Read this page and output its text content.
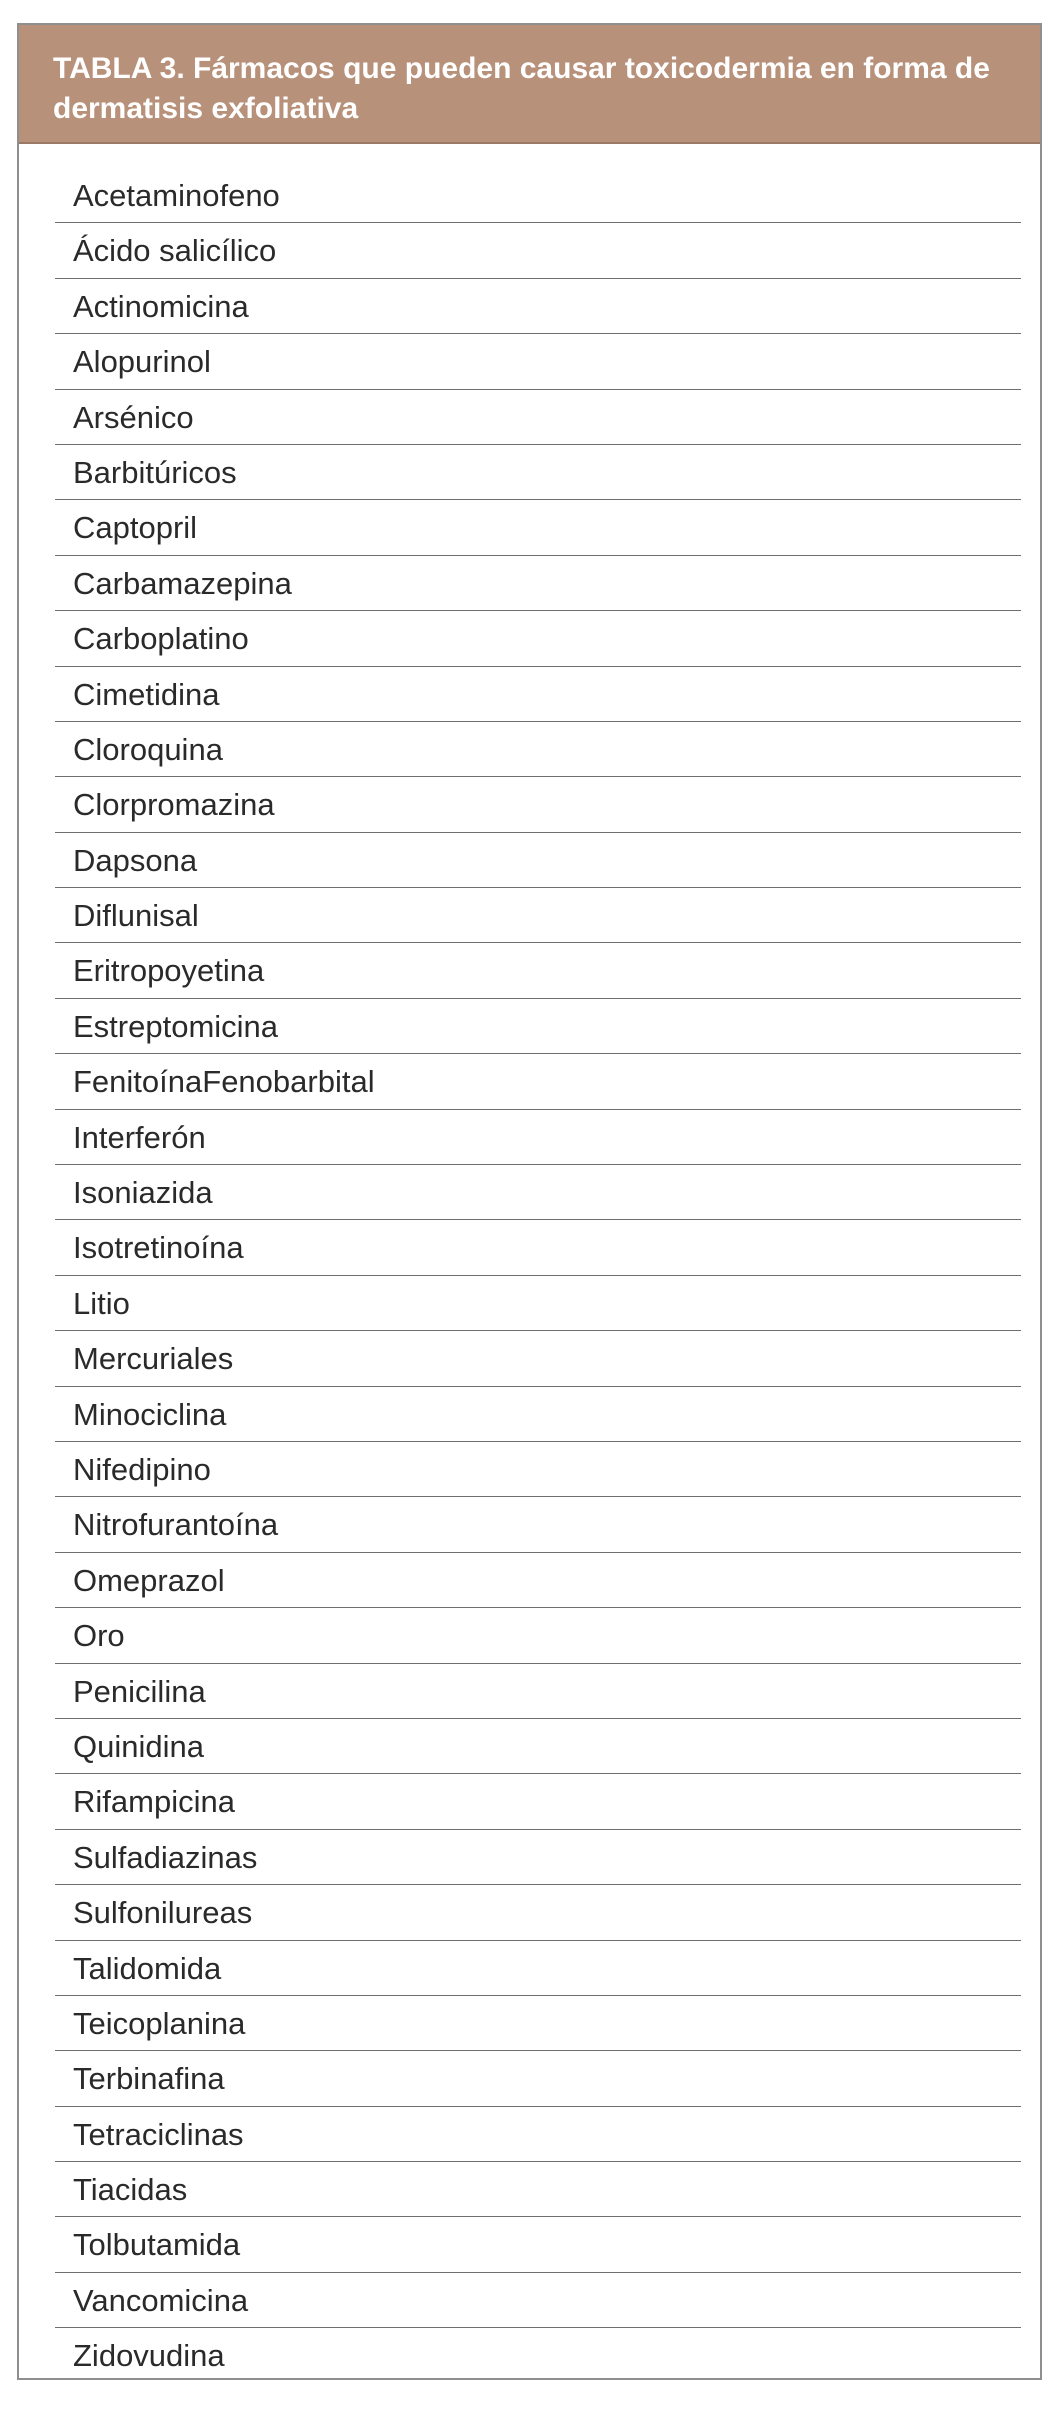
TABLA 3. Fármacos que pueden causar toxicodermia en forma de dermatisis exfoliativa
Acetaminofeno
Ácido salicílico
Actinomicina
Alopurinol
Arsénico
Barbitúricos
Captopril
Carbamazepina
Carboplatino
Cimetidina
Cloroquina
Clorpromazina
Dapsona
Diflunisal
Eritropoyetina
Estreptomicina
FenitoínaFenobarbital
Interferón
Isoniazida
Isotretinoína
Litio
Mercuriales
Minociclina
Nifedipino
Nitrofurantoína
Omeprazol
Oro
Penicilina
Quinidina
Rifampicina
Sulfadiazinas
Sulfonilureas
Talidomida
Teicoplanina
Terbinafina
Tetraciclinas
Tiacidas
Tolbutamida
Vancomicina
Zidovudina
